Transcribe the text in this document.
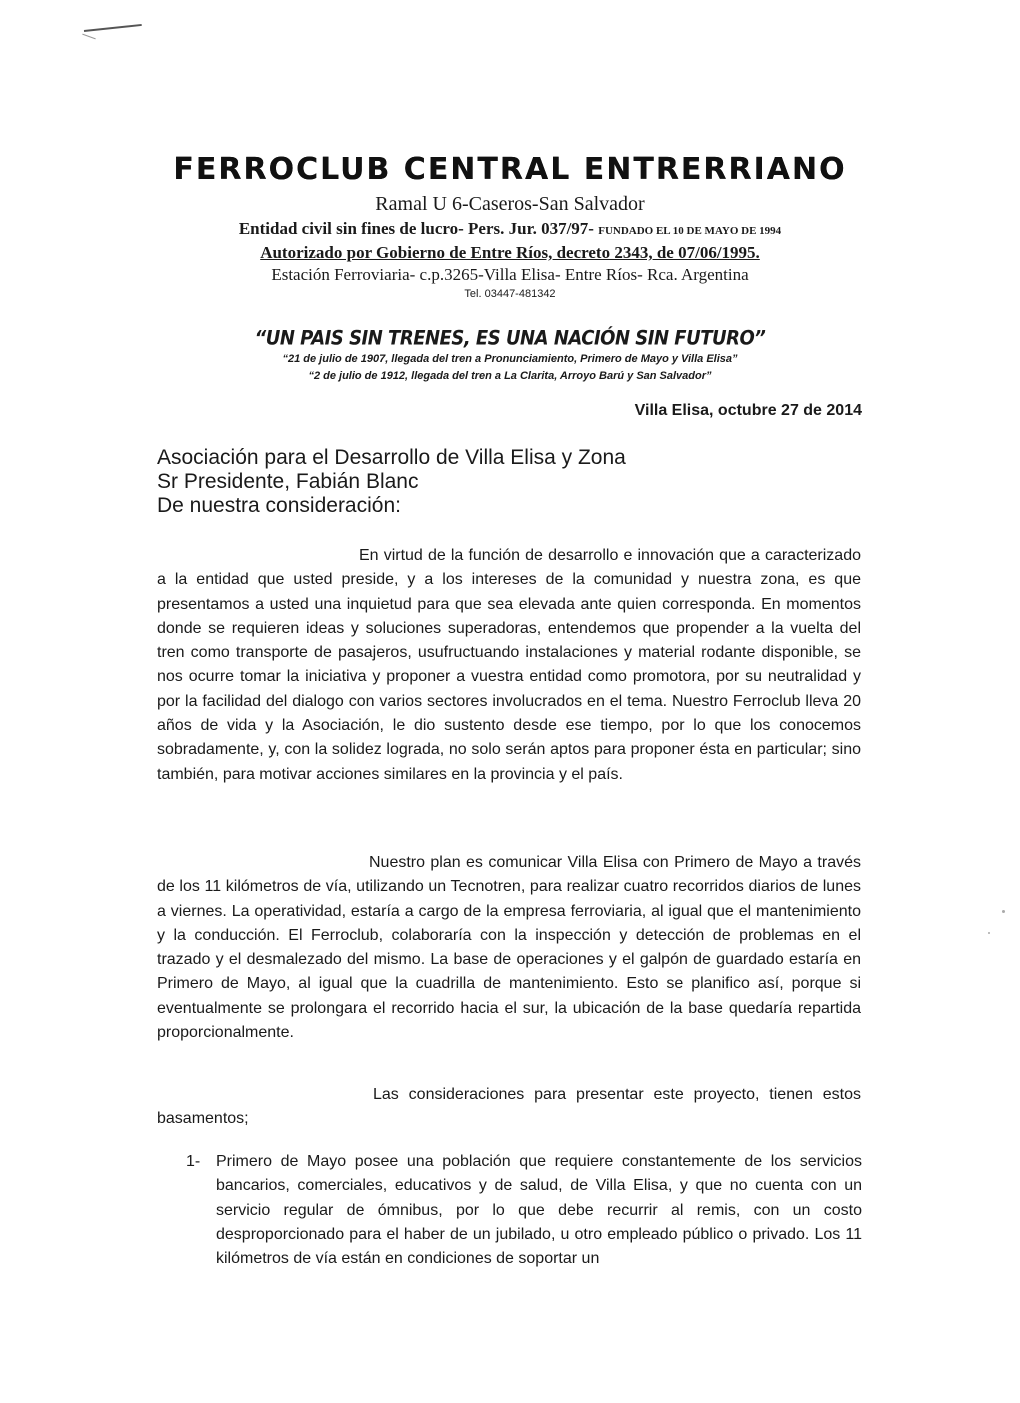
FERROCLUB CENTRAL ENTRERRIANO
Ramal U 6-Caseros-San Salvador
Entidad civil sin fines de lucro- Pers. Jur. 037/97- FUNDADO EL 10 DE MAYO DE 1994
Autorizado por Gobierno de Entre Ríos, decreto 2343, de 07/06/1995.
Estación Ferroviaria- c.p.3265-Villa Elisa- Entre Ríos- Rca. Argentina
Tel. 03447-481342
“UN PAIS SIN TRENES, ES UNA NACIÓN SIN FUTURO”
“21 de julio de 1907, llegada del tren a Pronunciamiento, Primero de Mayo y Villa Elisa”
“2 de julio de 1912, llegada del tren a La Clarita, Arroyo Barú y San Salvador”
Villa Elisa, octubre 27 de 2014
Asociación para el Desarrollo de Villa Elisa y Zona
Sr Presidente, Fabián Blanc
De nuestra consideración:

En virtud de la función de desarrollo e innovación que a caracterizado a la entidad que usted preside, y a los intereses de la comunidad y nuestra zona, es que presentamos a usted una inquietud para que sea elevada ante quien corresponda. En momentos donde se requieren ideas y soluciones superadoras, entendemos que propender a la vuelta del tren como transporte de pasajeros, usufructuando instalaciones y material rodante disponible, se nos ocurre tomar la iniciativa y proponer a vuestra entidad como promotora, por su neutralidad y por la facilidad del dialogo con varios sectores involucrados en el tema. Nuestro Ferroclub lleva 20 años de vida y la Asociación, le dio sustento desde ese tiempo, por lo que los conocemos sobradamente, y, con la solidez lograda, no solo serán aptos para proponer ésta en particular; sino también, para motivar acciones similares en la provincia y el país.

Nuestro plan es comunicar Villa Elisa con Primero de Mayo a través de los 11 kilómetros de vía, utilizando un Tecnotren, para realizar cuatro recorridos diarios de lunes a viernes. La operatividad, estaría a cargo de la empresa ferroviaria, al igual que el mantenimiento y la conducción. El Ferroclub, colaboraría con la inspección y detección de problemas en el trazado y el desmalezado del mismo. La base de operaciones y el galpón de guardado estaría en Primero de Mayo, al igual que la cuadrilla de mantenimiento. Esto se planifico así, porque si eventualmente se prolongara el recorrido hacia el sur, la ubicación de la base quedaría repartida proporcionalmente.

Las consideraciones para presentar este proyecto, tienen estos basamentos;

1- Primero de Mayo posee una población que requiere constantemente de los servicios bancarios, comerciales, educativos y de salud, de Villa Elisa, y que no cuenta con un servicio regular de ómnibus, por lo que debe recurrir al remis, con un costo desproporcionado para el haber de un jubilado, u otro empleado público o privado. Los 11 kilómetros de vía están en condiciones de soportar un
